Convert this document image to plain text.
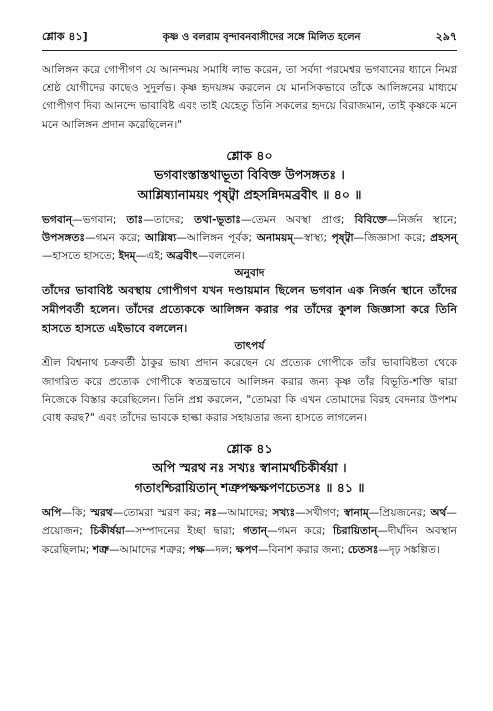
শ্লোক ৪১]	কৃষ্ণ ও বলরাম বৃন্দাবনবাসীদের সঙ্গে মিলিত হলেন	২৯৭

আলিঙ্গন করে গোপীগণ যে আনন্দময় সমাধি লাভ করেন, তা সর্বদা পরমেশ্বর ভগবানের ধ্যানে নিমগ্ন শ্রেষ্ঠ যোগীদের কাছেও সুদুর্লভ। কৃষ্ণ হৃদয়ঙ্গম করলেন যে মানসিকভাবে তাঁকে আলিঙ্গনের মাধ্যমে গোপীগণ দিব্য আনন্দে ভাবাবিষ্ট এবং তাই যেহেতু তিনি সকলের হৃদয়ে বিরাজমান, তাই কৃষ্ণকে মনে মনে আলিঙ্গন প্রদান করেছিলেন।"

শ্লোক ৪০

ভগবাংস্তাস্তথাভূতা বিবিক্ত উপসঙ্গতঃ ।

আশ্লিষ্যানাময়ং পৃষ্ট্বা প্রহসন্নিদমব্রবীৎ ॥ ৪০ ॥

ভগবান্—ভগবান; তাঃ—তাদের; তথা-ভূতাঃ—তেমন অবস্থা প্রাপ্ত; বিবিক্তে—নির্জন স্থানে; উপসঙ্গতঃ—গমন করে; আশ্লিষ্য—আলিঙ্গন পূর্বক; অনাময়ম্—স্বাস্থ্য; পৃষ্ট্বা—জিজ্ঞাসা করে; প্রহসন্—হাসতে হাসতে; ইদম্—এই; অব্রবীৎ—বললেন।

অনুবাদ

তাঁদের ভাবাবিষ্ট অবস্থায় গোপীগণ যখন দণ্ডায়মান ছিলেন ভগবান এক নির্জন স্থানে তাঁদের সমীপবর্তী হলেন। তাঁদের প্রত্যেককে আলিঙ্গন করার পর তাঁদের কুশল জিজ্ঞাসা করে তিনি হাসতে হাসতে এইভাবে বললেন।

তাৎপর্য

শ্রীল বিশ্বনাথ চক্রবর্তী ঠাকুর ভাষ্য প্রদান করেছেন যে প্রত্যেক গোপীকে তাঁর ভাবাবিষ্টতা থেকে জাগরিত করে প্রত্যেক গোপীকে স্বতন্ত্রভাবে আলিঙ্গন করার জন্য কৃষ্ণ তাঁর বিভূতি-শক্তি দ্বারা নিজেকে বিস্তার করেছিলেন। তিনি প্রশ্ন করলেন, "তোমরা কি এখন তোমাদের বিরহ বেদনার উপশম বোধ করছ?" এবং তাঁদের ভাবকে হাল্কা করার সহায়তার জন্য হাসতে লাগলেন।

শ্লোক ৪১

অপি স্মরথ নঃ সখ্যঃ স্বানামর্থচিকীর্ষয়া ।

গতাংশ্চিরায়িতান্ শত্রুপক্ষক্ষপণচেতসঃ ॥ ৪১ ॥

অপি—কি; স্মরথ—তোমরা স্মরণ কর; নঃ—আমাদের; সখ্যঃ—সখীগণ; স্বানাম্—প্রিয়জনের; অর্থ—প্রয়োজন; চিকীর্ষয়া—সম্পাদনের ইচ্ছা দ্বারা; গতান্—গমন করে; চিরায়িতান্—দীর্ঘদিন অবস্থান করেছিলাম; শত্রু—আমাদের শত্রুর; পক্ষ—দল; ক্ষপণ—বিনাশ করার জন্য; চেতসঃ—দৃঢ় সঙ্কল্পিত।
